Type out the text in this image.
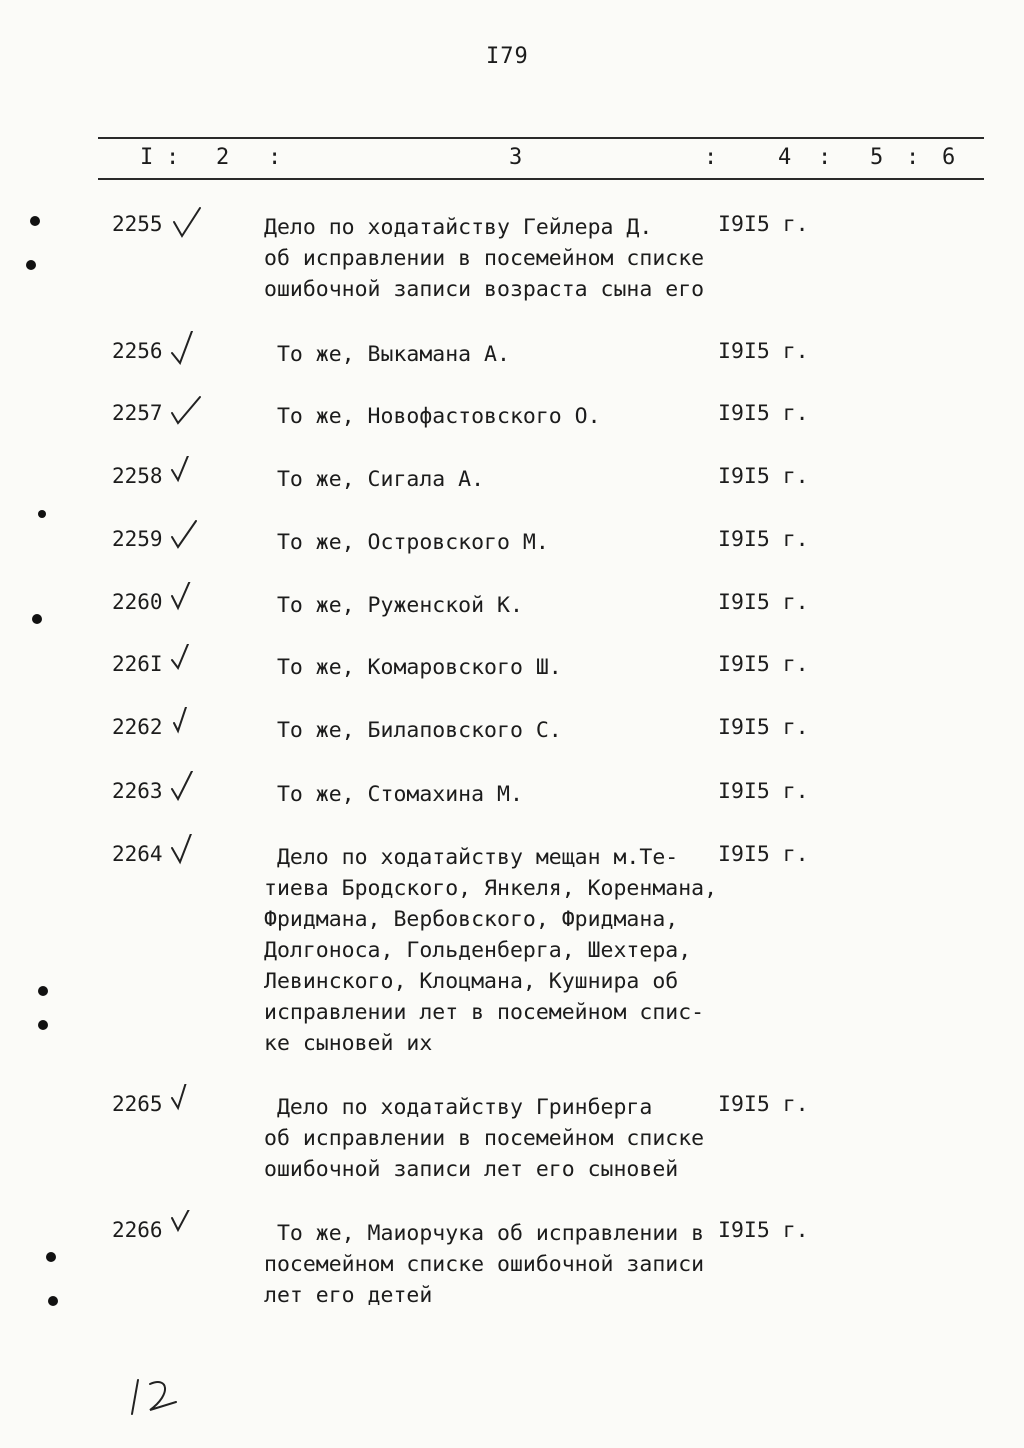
I79
I : 2 :	3	:	4 : 5 : 6
2255	Дело по ходатайству Гейлера Д.
об исправлении в посемейном списке
ошибочной записи возраста сына его
I9I5 г.
2256	То же, Выкамана А.	I9I5 г.
2257	То же, Новофастовского О.	I9I5 г.
2258	То же, Сигала А.	I9I5 г.
2259	То же, Островского М.	I9I5 г.
2260	То же, Руженской К.	I9I5 г.
226I	То же, Комаровского Ш.	I9I5 г.
2262	То же, Билаповского С.	I9I5 г.
2263	То же, Стомахина М.	I9I5 г.
2264	Дело по ходатайству мещан м.Те-
тиева Бродского, Янкеля, Коренмана,
Фридмана, Вербовского, Фридмана,
Долгоноса, Гольденберга, Шехтера,
Левинского, Клоцмана, Кушнира об
исправлении лет в посемейном спис-
ке сыновей их
I9I5 г.
2265	Дело по ходатайству Гринберга
об исправлении в посемейном списке
ошибочной записи лет его сыновей
I9I5 г.
2266	То же, Маиорчука об исправлении в
посемейном списке ошибочной записи
лет его детей
I9I5 г.
